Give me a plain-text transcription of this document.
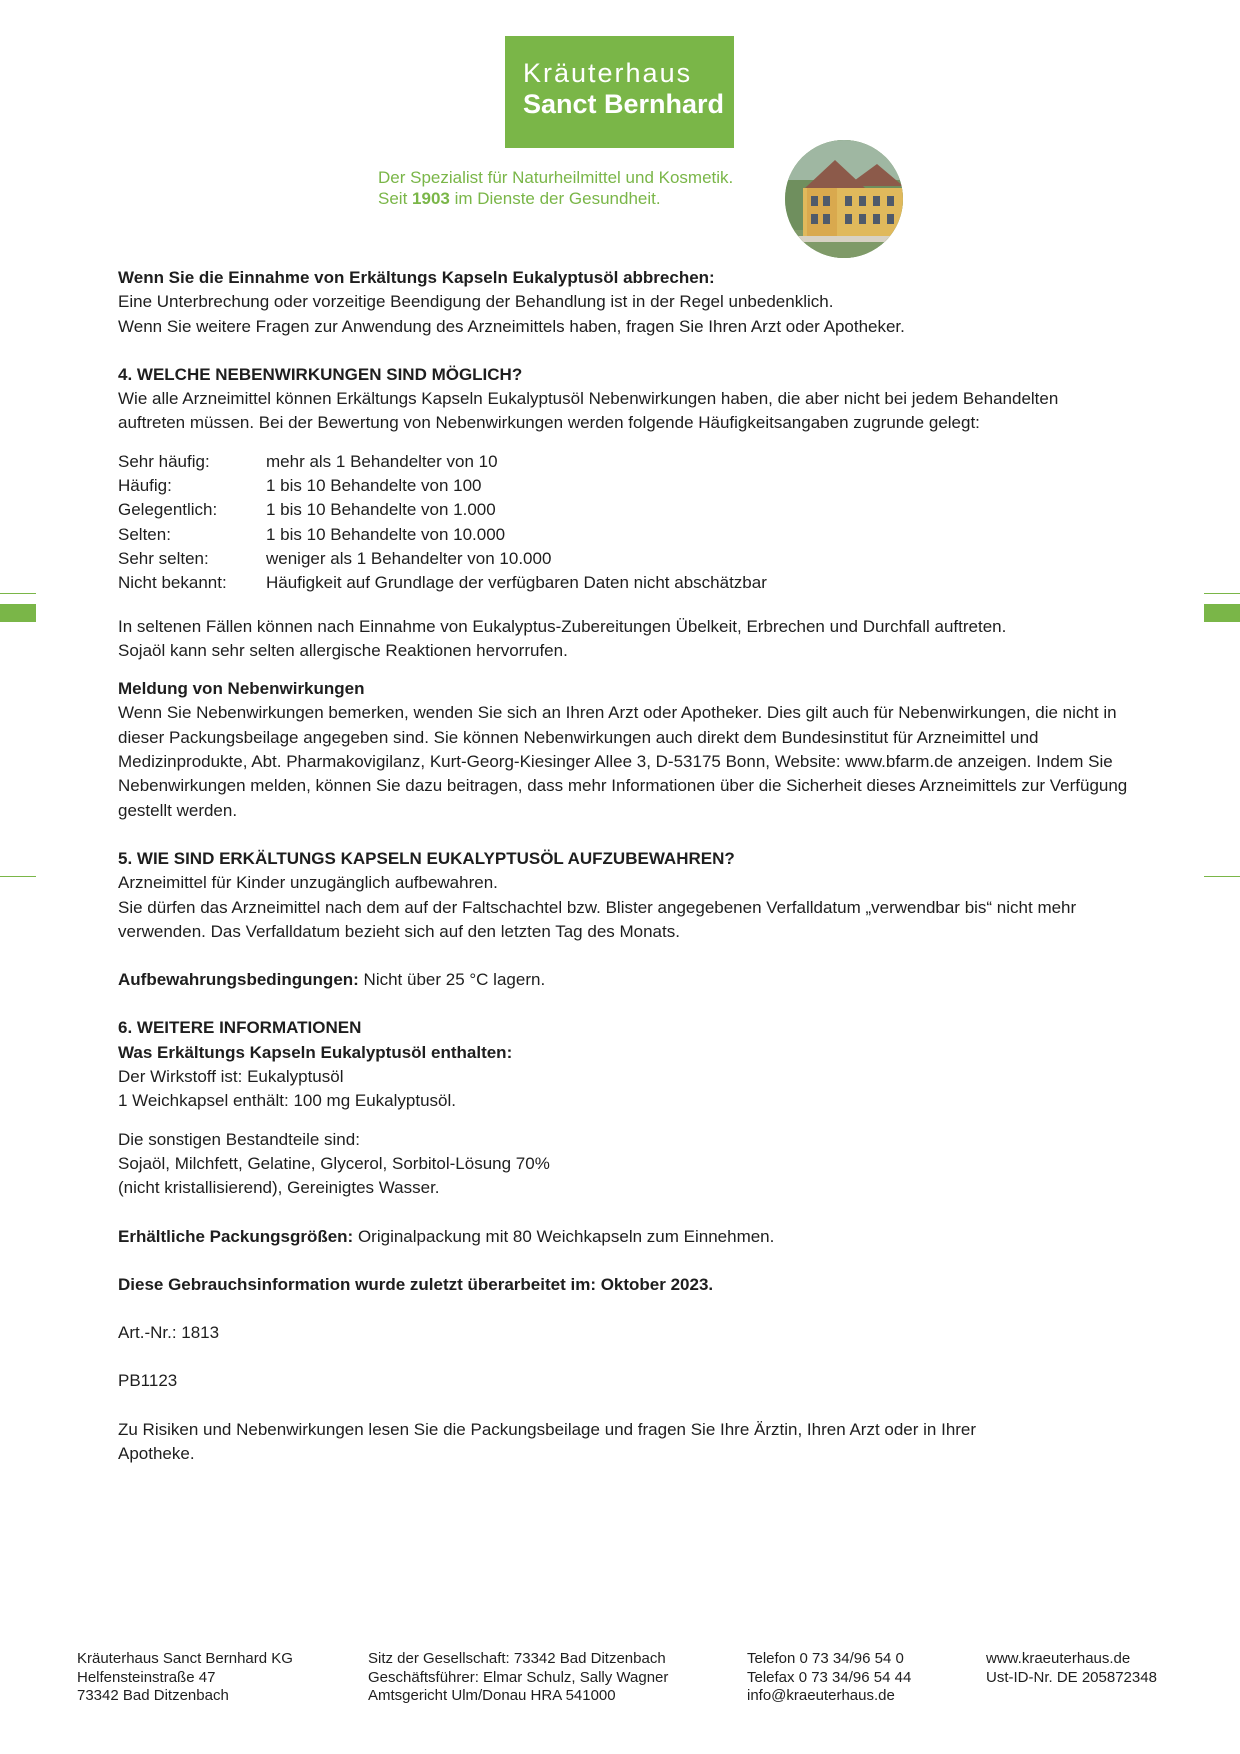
Kräuterhaus
Sanct Bernhard
Der Spezialist für Naturheilmittel und Kosmetik.
Seit 1903 im Dienste der Gesundheit.

Wenn Sie die Einnahme von Erkältungs Kapseln Eukalyptusöl abbrechen:

Eine Unterbrechung oder vorzeitige Beendigung der Behandlung ist in der Regel unbedenklich.

Wenn Sie weitere Fragen zur Anwendung des Arzneimittels haben, fragen Sie Ihren Arzt oder Apotheker.

4. WELCHE NEBENWIRKUNGEN SIND MÖGLICH?

Wie alle Arzneimittel können Erkältungs Kapseln Eukalyptusöl Nebenwirkungen haben, die aber nicht bei jedem Behandelten auftreten müssen. Bei der Bewertung von Nebenwirkungen werden folgende Häufigkeitsangaben zugrunde gelegt:

Sehr häufig:	mehr als 1 Behandelter von 10
Häufig:	1 bis 10 Behandelte von 100
Gelegentlich:	1 bis 10 Behandelte von 1.000
Selten:	1 bis 10 Behandelte von 10.000
Sehr selten:	weniger als 1 Behandelter von 10.000
Nicht bekannt:	Häufigkeit auf Grundlage der verfügbaren Daten nicht abschätzbar

In seltenen Fällen können nach Einnahme von Eukalyptus-Zubereitungen Übelkeit, Erbrechen und Durchfall auftreten.

Sojaöl kann sehr selten allergische Reaktionen hervorrufen.

Meldung von Nebenwirkungen

Wenn Sie Nebenwirkungen bemerken, wenden Sie sich an Ihren Arzt oder Apotheker. Dies gilt auch für Nebenwirkungen, die nicht in dieser Packungsbeilage angegeben sind. Sie können Nebenwirkungen auch direkt dem Bundesinstitut für Arzneimittel und Medizinprodukte, Abt. Pharmakovigilanz, Kurt-Georg-Kiesinger Allee 3, D-53175 Bonn, Website: www.bfarm.de anzeigen. Indem Sie Nebenwirkungen melden, können Sie dazu beitragen, dass mehr Informationen über die Sicherheit dieses Arzneimittels zur Verfügung gestellt werden.

5. WIE SIND ERKÄLTUNGS KAPSELN EUKALYPTUSÖL AUFZUBEWAHREN?

Arzneimittel für Kinder unzugänglich aufbewahren.

Sie dürfen das Arzneimittel nach dem auf der Faltschachtel bzw. Blister angegebenen Verfalldatum „verwendbar bis“ nicht mehr verwenden. Das Verfalldatum bezieht sich auf den letzten Tag des Monats.

Aufbewahrungsbedingungen: Nicht über 25 °C lagern.

6. WEITERE INFORMATIONEN

Was Erkältungs Kapseln Eukalyptusöl enthalten:

Der Wirkstoff ist: Eukalyptusöl

1 Weichkapsel enthält: 100 mg Eukalyptusöl.

Die sonstigen Bestandteile sind:

Sojaöl, Milchfett, Gelatine, Glycerol, Sorbitol-Lösung 70%

(nicht kristallisierend), Gereinigtes Wasser.

Erhältliche Packungsgrößen: Originalpackung mit 80 Weichkapseln zum Einnehmen.

Diese Gebrauchsinformation wurde zuletzt überarbeitet im: Oktober 2023.

Art.-Nr.: 1813

PB1123

Zu Risiken und Nebenwirkungen lesen Sie die Packungsbeilage und fragen Sie Ihre Ärztin, Ihren Arzt oder in Ihrer

Apotheke.

Kräuterhaus Sanct Bernhard KG
Helfensteinstraße 47
73342 Bad Ditzenbach
Sitz der Gesellschaft: 73342 Bad Ditzenbach
Geschäftsführer: Elmar Schulz, Sally Wagner
Amtsgericht Ulm/Donau HRA 541000
Telefon 0 73 34/96 54 0
Telefax 0 73 34/96 54 44
info@kraeuterhaus.de
www.kraeuterhaus.de
Ust-ID-Nr. DE 205872348
